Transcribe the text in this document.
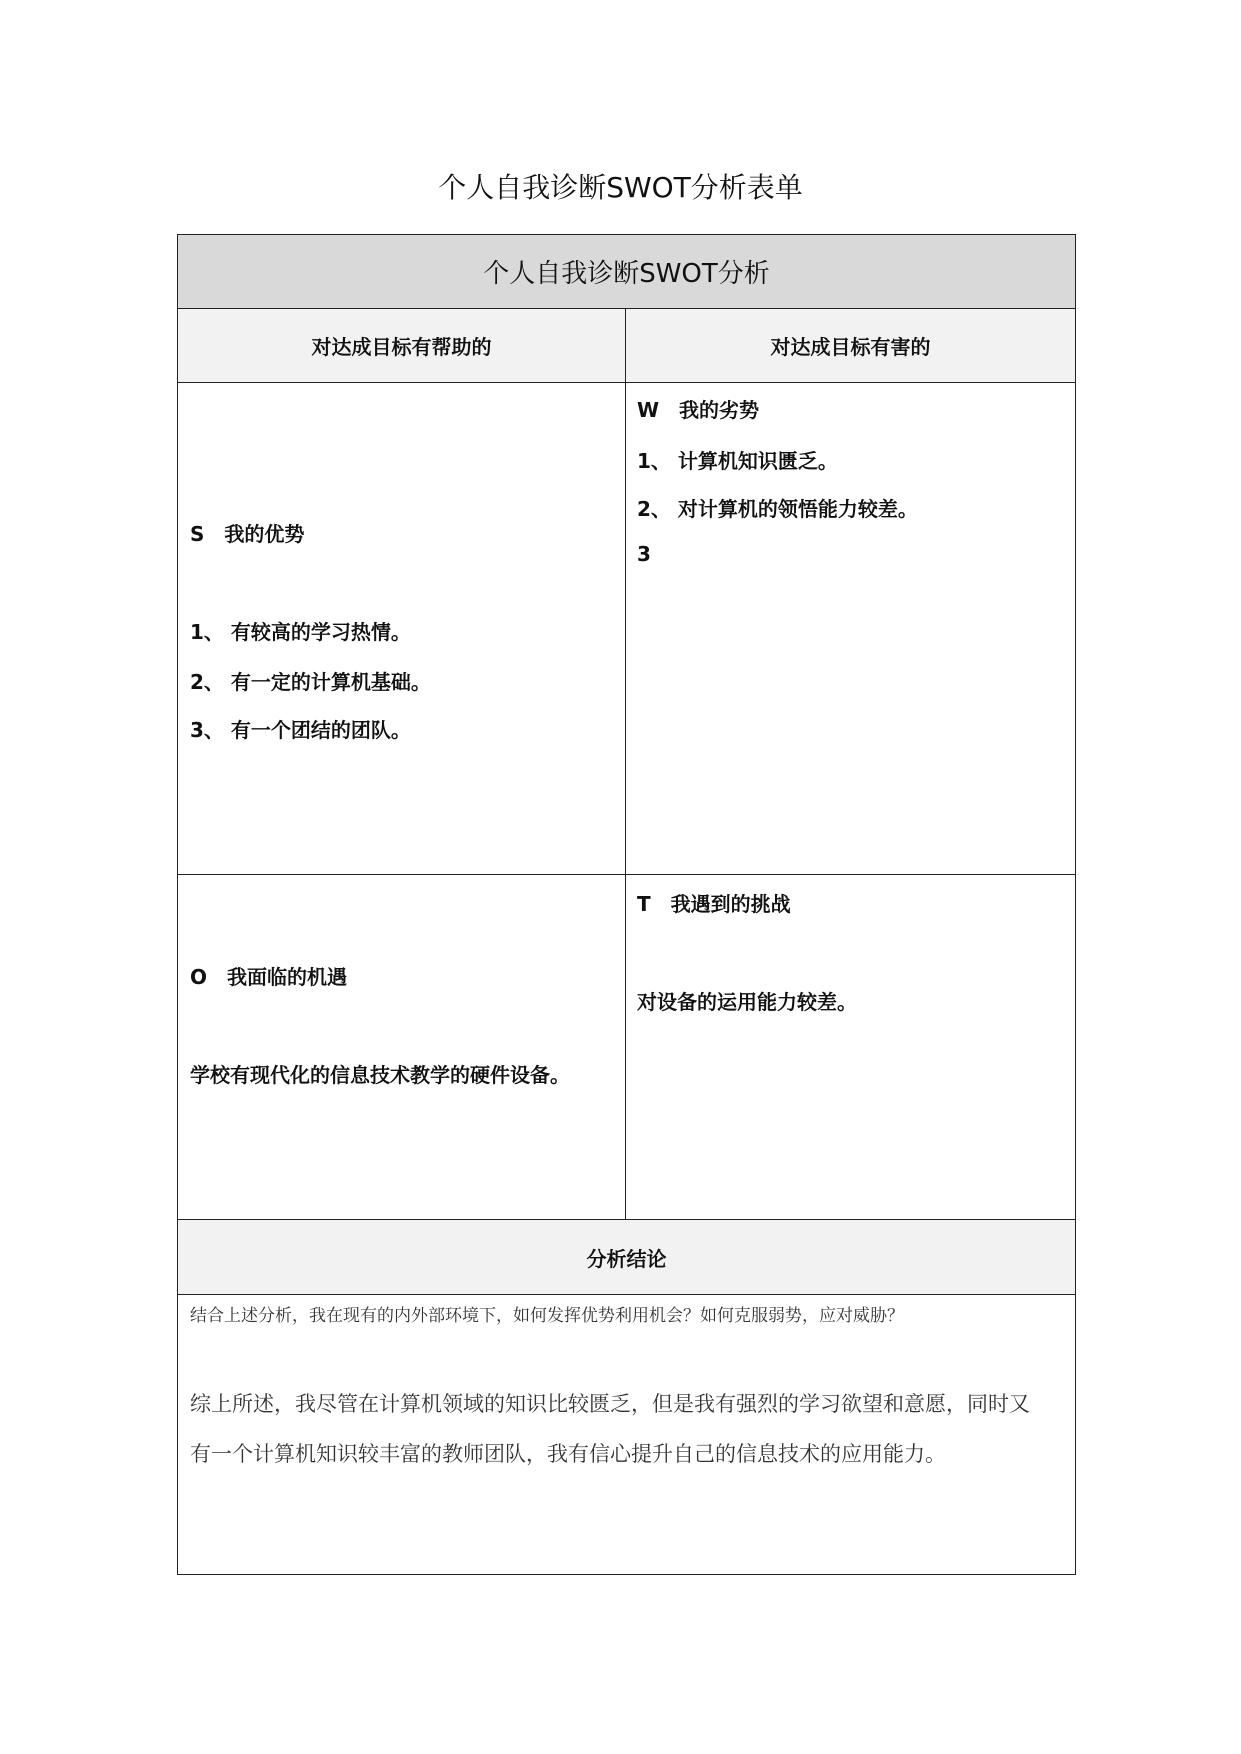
个人自我诊断SWOT分析表单
个人自我诊断SWOT分析
对达成目标有帮助的	对达成目标有害的
分析结论
S　我的优势
1、 有较高的学习热情。
2、 有一定的计算机基础。
3、 有一个团结的团队。
W　我的劣势
1、 计算机知识匮乏。
2、 对计算机的领悟能力较差。
3
O　我面临的机遇
学校有现代化的信息技术教学的硬件设备。
T　我遇到的挑战
对设备的运用能力较差。
结合上述分析，我在现有的内外部环境下，如何发挥优势利用机会？如何克服弱势，应对威胁？
综上所述，我尽管在计算机领域的知识比较匮乏，但是我有强烈的学习欲望和意愿，同时又
有一个计算机知识较丰富的教师团队，我有信心提升自己的信息技术的应用能力。
